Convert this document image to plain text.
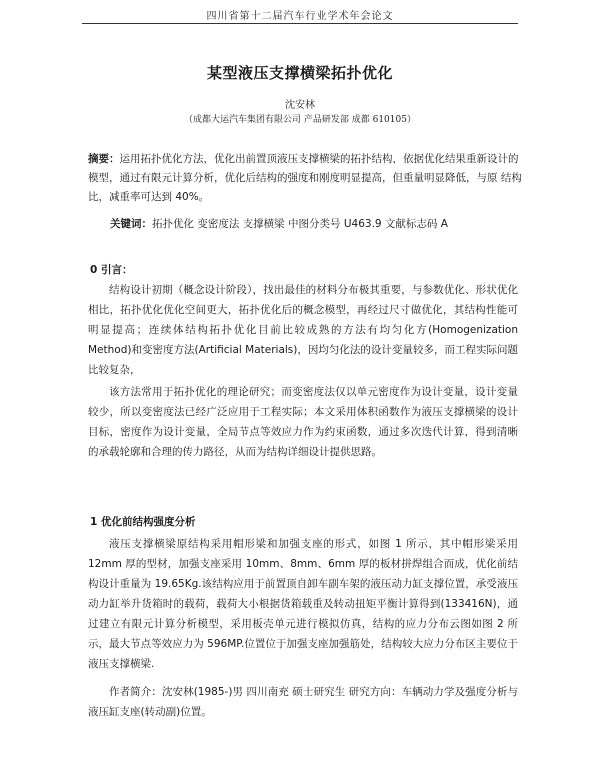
四川省第十二届汽车行业学术年会论文
某型液压支撑横梁拓扑优化
沈安林
（成都大运汽车集团有限公司 产品研发部 成都 610105）
摘要：运用拓扑优化方法，优化出前置顶液压支撑横梁的拓扑结构，依据优化结果重新设计的模型，通过有限元计算分析，优化后结构的强度和刚度明显提高，但重量明显降低，与原 结构比，减重率可达到 40%。
关键词：拓扑优化 变密度法 支撑横梁 中图分类号 U463.9 文献标志码 A
0 引言：
结构设计初期（概念设计阶段），找出最佳的材料分布极其重要，与参数优化、形状优化相比，拓扑优化优化空间更大，拓扑优化后的概念模型，再经过尺寸做优化，其结构性能可明显提高；连续体结构拓扑优化目前比较成熟的方法有均匀化方(Homogenization Method)和变密度方法(Artificial Materials)，因均匀化法的设计变量较多，而工程实际问题比较复杂，
该方法常用于拓扑优化的理论研究；而变密度法仅以单元密度作为设计变量，设计变量较少，所以变密度法已经广泛应用于工程实际；本文采用体积函数作为液压支撑横梁的设计目标，密度作为设计变量，全局节点等效应力作为约束函数，通过多次迭代计算，得到清晰的承载轮廓和合理的传力路径，从而为结构详细设计提供思路。
1 优化前结构强度分析
液压支撑横梁原结构采用帽形梁和加强支座的形式，如图 1 所示，其中帽形梁采用 12mm 厚的型材，加强支座采用 10mm、8mm、6mm 厚的板材拼焊组合而成，优化前结构设计重量为 19.65Kg.该结构应用于前置顶自卸车副车架的液压动力缸支撑位置，承受液压动力缸举升货箱时的载荷，载荷大小根据货箱载重及转动扭矩平衡计算得到(133416N)，通过建立有限元计算分析模型，采用板壳单元进行模拟仿真，结构的应力分布云图如图 2 所示，最大节点等效应力为 596MP.位置位于加强支座加强筋处，结构较大应力分布区主要位于液压支撑横梁.
作者简介：沈安林(1985-)男 四川南充 硕士研究生 研究方向：车辆动力学及强度分析与液压缸支座(转动副)位置。
